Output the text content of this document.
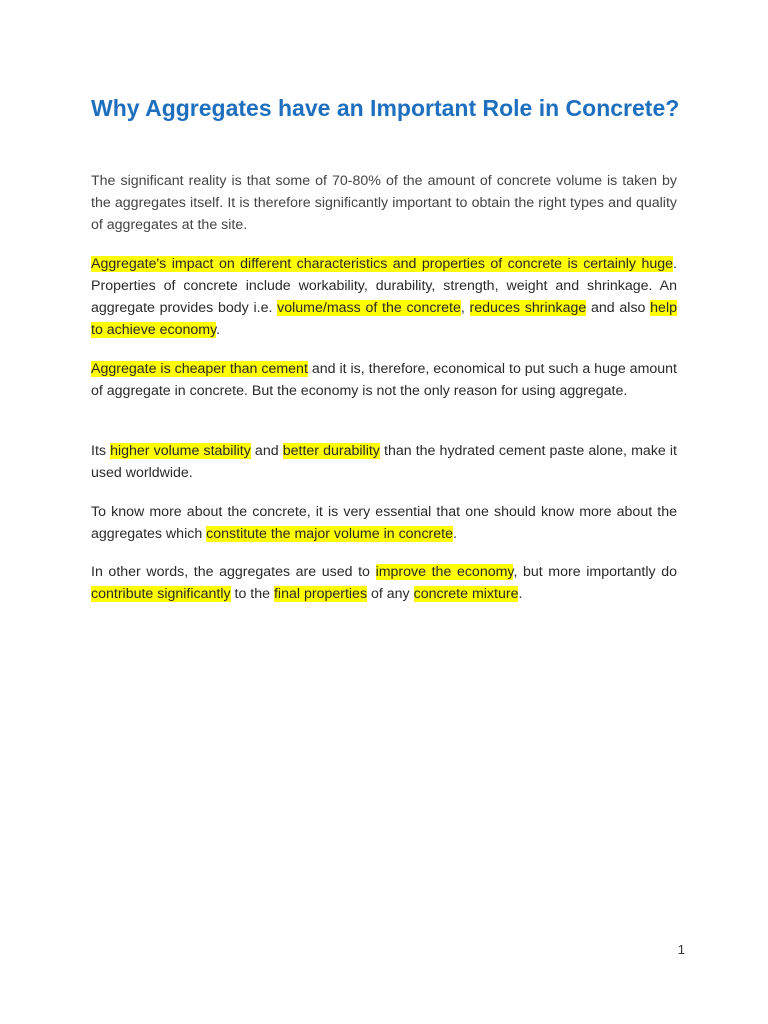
Why Aggregates have an Important Role in Concrete?

The significant reality is that some of 70-80% of the amount of concrete volume is taken by the aggregates itself. It is therefore significantly important to obtain the right types and quality of aggregates at the site.

Aggregate's impact on different characteristics and properties of concrete is certainly huge. Properties of concrete include workability, durability, strength, weight and shrinkage. An aggregate provides body i.e. volume/mass of the concrete, reduces shrinkage and also help to achieve economy.

Aggregate is cheaper than cement and it is, therefore, economical to put such a huge amount of aggregate in concrete. But the economy is not the only reason for using aggregate.

Its higher volume stability and better durability than the hydrated cement paste alone, make it used worldwide.

To know more about the concrete, it is very essential that one should know more about the aggregates which constitute the major volume in concrete.

In other words, the aggregates are used to improve the economy, but more importantly do contribute significantly to the final properties of any concrete mixture.

1
